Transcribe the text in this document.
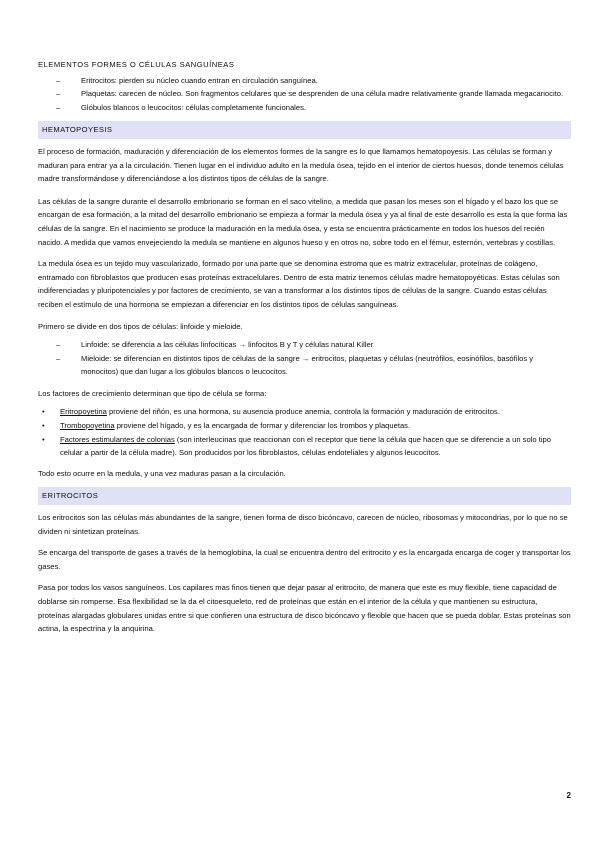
ELEMENTOS FORMES O CÉLULAS SANGUÍNEAS
–	Eritrocitos: pierden su núcleo cuando entran en circulación sanguínea.
–	Plaquetas: carecen de núcleo. Son fragmentos celulares que se desprenden de una célula madre relativamente grande llamada megacariocito.
–	Glóbulos blancos o leucocitos: células completamente funcionales.
HEMATOPOYESIS

El proceso de formación, maduración y diferenciación de los elementos formes de la sangre es lo que llamamos hematopoyesis. Las células se forman y maduran para entrar ya a la circulación. Tienen lugar en el individuo adulto en la medula ósea, tejido en el interior de ciertos huesos, donde tenemos células madre transformándose y diferenciándose a los distintos tipos de células de la sangre.

Las células de la sangre durante el desarrollo embrionario se forman en el saco vitelino, a medida que pasan los meses son el hígado y el bazo los que se encargan de esa formación, a la mitad del desarrollo embrionario se empieza a formar la medula ósea y ya al final de este desarrollo es esta la que forma las células de la sangre. En el nacimiento se produce la maduración en la medula ósea, y esta se encuentra prácticamente en todos los huesos del recién nacido. A medida que vamos envejeciendo la medula se mantiene en algunos hueso y en otros no, sobre todo en el fémur, esternón, vertebras y costillas.

La medula ósea es un tejido muy vascularizado, formado por una parte que se denomina estroma que es matriz extracelular, proteínas de colágeno, entramado con fibroblastos que producen esas proteínas extracelulares. Dentro de esta matriz tenemos células madre hematopoyéticas. Estas células son indiferenciadas y pluripotenciales y por factores de crecimiento, se van a transformar a los distintos tipos de células de la sangre. Cuando estas células reciben el estímulo de una hormona se empiezan a diferenciar en los distintos tipos de células sanguíneas.

Primero se divide en dos tipos de células: linfoide y mieloide.

–	Linfoide: se diferencia a las células linfocíticas → linfocitos B y T y células natural Killer
–	Mieloide: se diferencian en distintos tipos de células de la sangre → eritrocitos, plaquetas y células (neutrófilos, eosinófilos, basófilos y monocitos) que dan lugar a los glóbulos blancos o leucocitos.

Los factores de crecimiento determinan que tipo de célula se forma:

• Eritropoyetina proviene del riñón, es una hormona, su ausencia produce anemia, controla la formación y maduración de eritrocitos.
• Trombopoyetina proviene del hígado, y es la encargada de formar y diferenciar los trombos y plaquetas.
• Factores estimulantes de colonias (son interleucinas que reaccionan con el receptor que tiene la célula que hacen que se diferencie a un solo tipo celular a partir de la célula madre). Son producidos por los fibroblastos, células endoteliales y algunos leucocitos.

Todo esto ocurre en la medula, y una vez maduras pasan a la circulación.

ERITROCITOS

Los eritrocitos son las células más abundantes de la sangre, tienen forma de disco bicóncavo, carecen de núcleo, ribosomas y mitocondrias, por lo que no se dividen ni sintetizan proteínas.

Se encarga del transporte de gases a través de la hemoglobina, la cual se encuentra dentro del eritrocito y es la encargada encarga de coger y transportar los gases.

Pasa por todos los vasos sanguíneos. Los capilares mas finos tienen que dejar pasar al eritrocito, de manera que este es muy flexible, tiene capacidad de doblarse sin romperse. Esa flexibilidad se la da el citoesqueleto, red de proteínas que están en el interior de la célula y que mantienen su estructura, proteínas alargadas globulares unidas entre si que confieren una estructura de disco bicóncavo y flexible que hacen que se pueda doblar. Estas proteínas son actina, la espectrina y la anquirina.

2
